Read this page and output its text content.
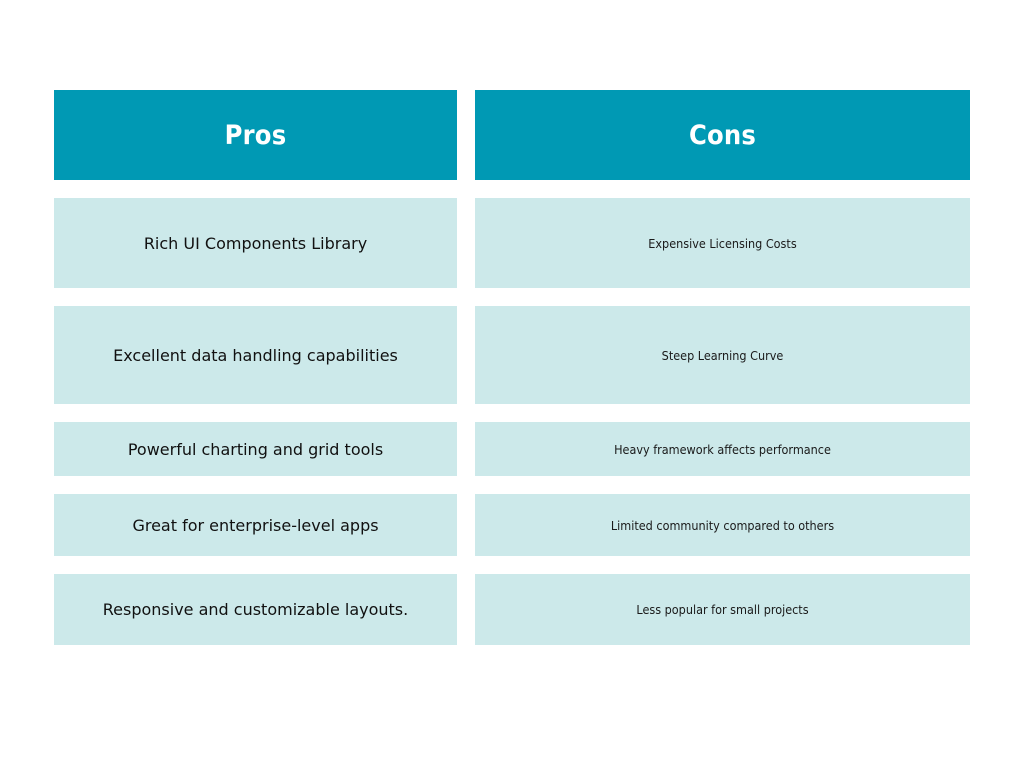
Pros	Cons
Rich UI Components Library	Expensive Licensing Costs
Excellent data handling capabilities	Steep Learning Curve
Powerful charting and grid tools	Heavy framework affects performance
Great for enterprise-level apps	Limited community compared to others
Responsive and customizable layouts.	Less popular for small projects
